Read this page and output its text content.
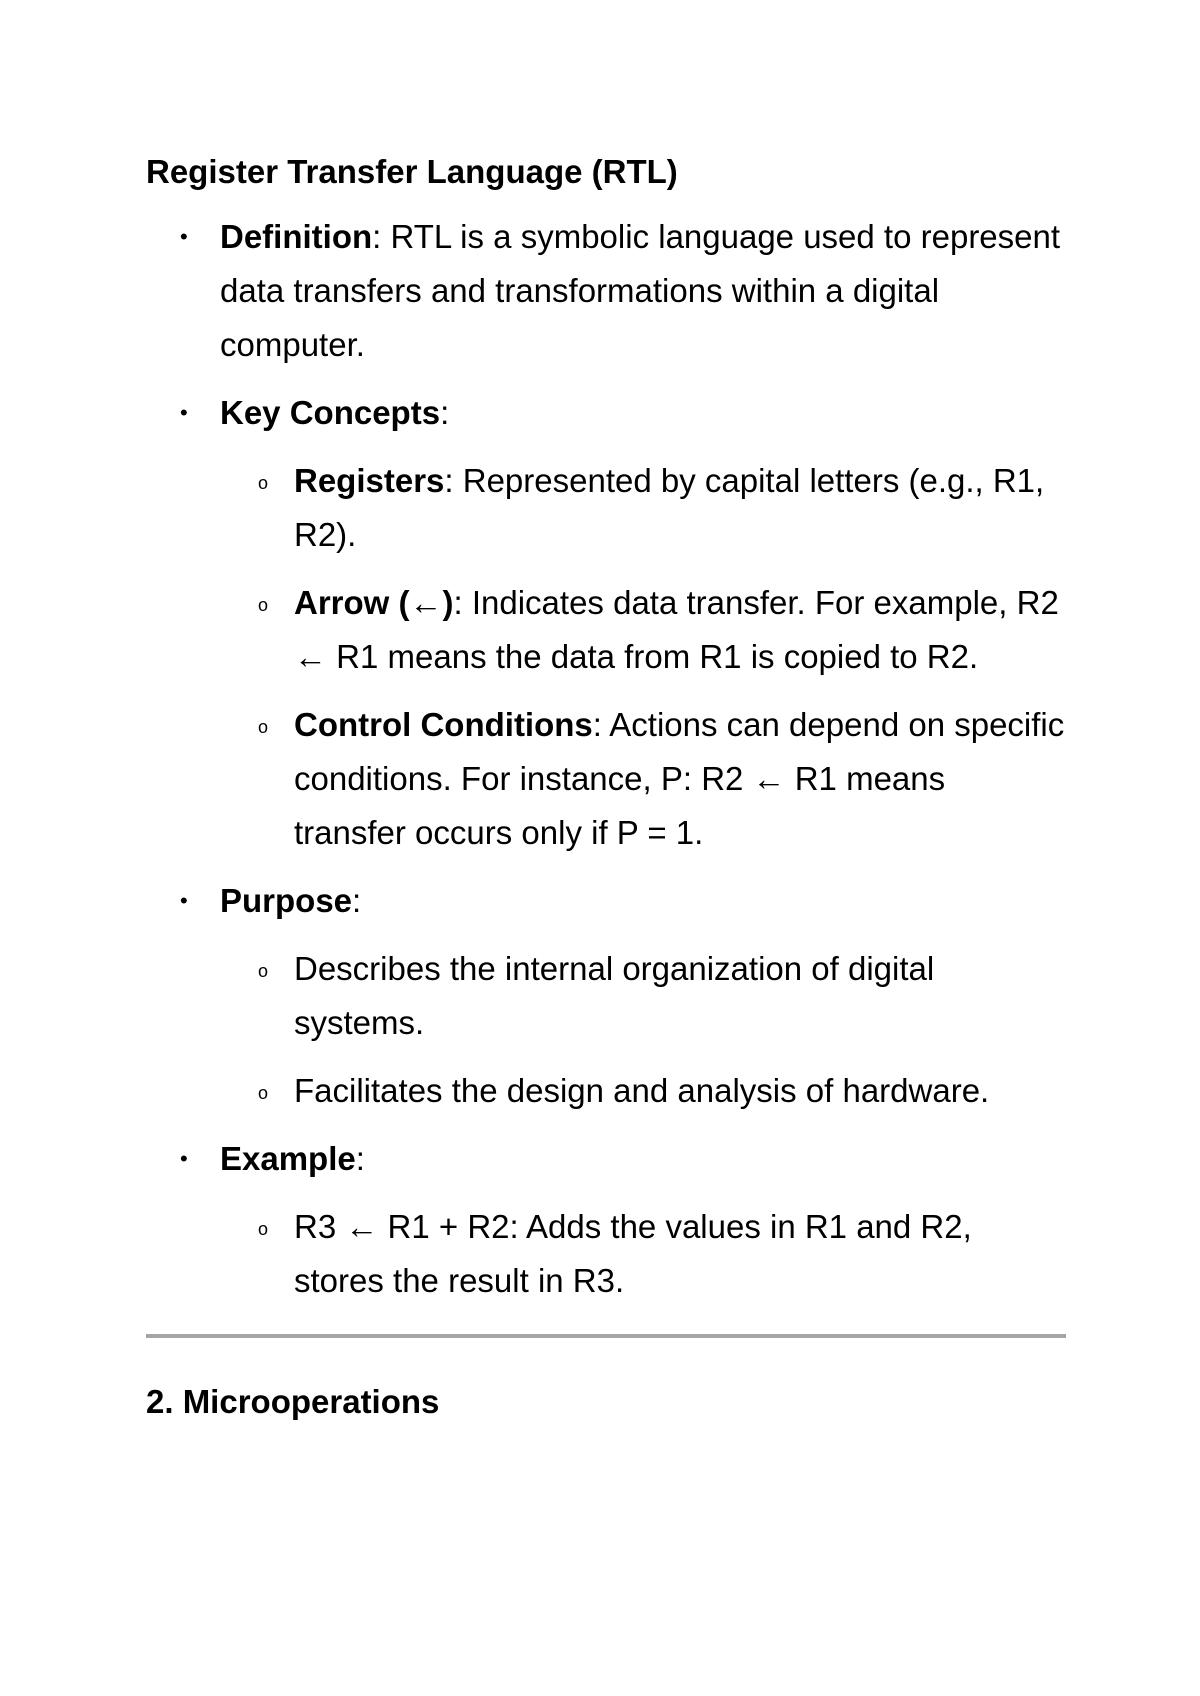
Register Transfer Language (RTL)
• Definition: RTL is a symbolic language used to represent data transfers and transformations within a digital computer.
• Key Concepts:
o Registers: Represented by capital letters (e.g., R1, R2).
o Arrow (←): Indicates data transfer. For example, R2 ← R1 means the data from R1 is copied to R2.
o Control Conditions: Actions can depend on specific conditions. For instance, P: R2 ← R1 means transfer occurs only if P = 1.
• Purpose:
o Describes the internal organization of digital systems.
o Facilitates the design and analysis of hardware.
• Example:
o R3 ← R1 + R2: Adds the values in R1 and R2, stores the result in R3.
2. Microoperations
